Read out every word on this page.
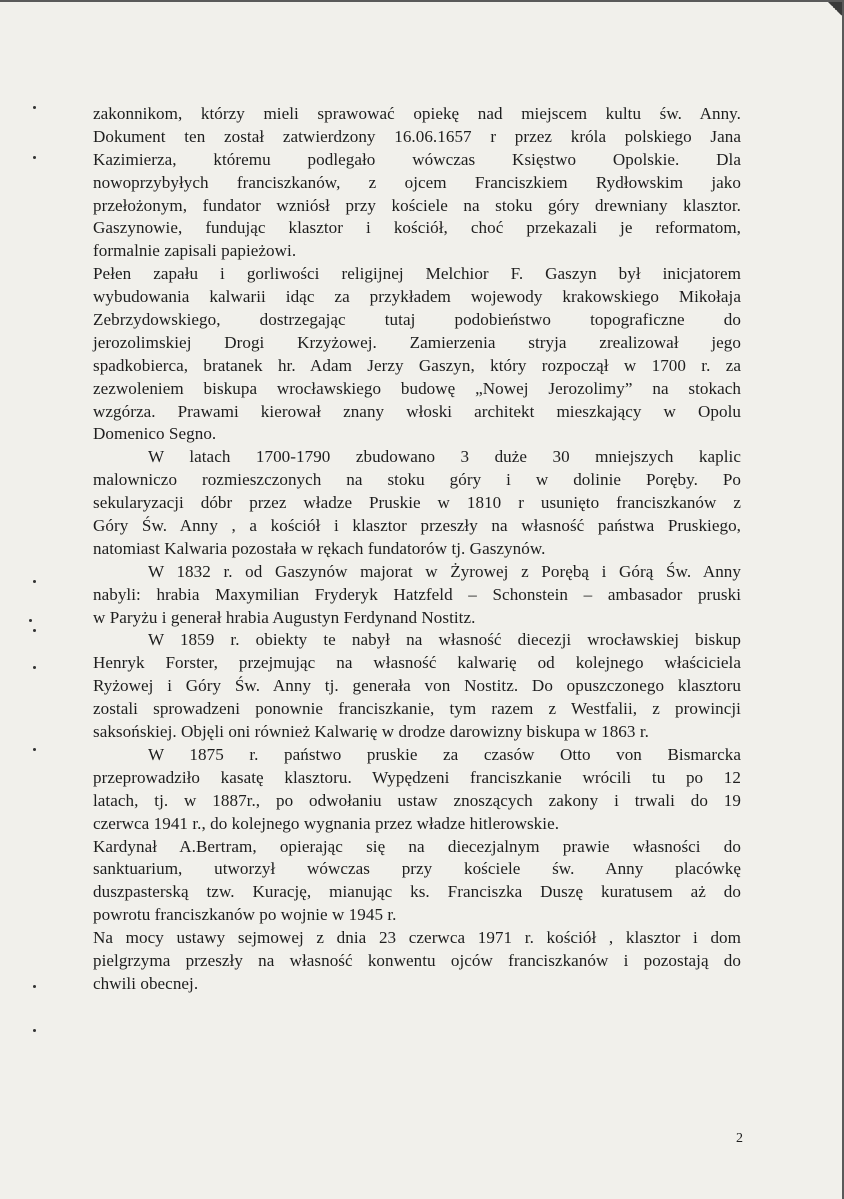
zakonnikom, którzy mieli sprawować opiekę nad miejscem kultu św. Anny.
Dokument ten został zatwierdzony 16.06.1657 r przez króla polskiego Jana
Kazimierza, któremu podlegało wówczas Księstwo Opolskie. Dla
nowoprzybyłych franciszkanów, z ojcem Franciszkiem Rydłowskim jako
przełożonym, fundator wzniósł przy kościele na stoku góry drewniany klasztor.
Gaszynowie, fundując klasztor i kościół, choć przekazali je reformatom,
formalnie zapisali papieżowi.
Pełen zapału i gorliwości religijnej Melchior F. Gaszyn był inicjatorem
wybudowania kalwarii idąc za przykładem wojewody krakowskiego Mikołaja
Zebrzydowskiego, dostrzegając tutaj podobieństwo topograficzne do
jerozolimskiej Drogi Krzyżowej. Zamierzenia stryja zrealizował jego
spadkobierca, bratanek hr. Adam Jerzy Gaszyn, który rozpoczął w 1700 r. za
zezwoleniem biskupa wrocławskiego budowę „Nowej Jerozolimy” na stokach
wzgórza. Prawami kierował znany włoski architekt mieszkający w Opolu
Domenico Segno.
W latach 1700-1790 zbudowano 3 duże 30 mniejszych kaplic
malowniczo rozmieszczonych na stoku góry i w dolinie Poręby. Po
sekularyzacji dóbr przez władze Pruskie w 1810 r usunięto franciszkanów z
Góry Św. Anny , a kościół i klasztor przeszły na własność państwa Pruskiego,
natomiast Kalwaria pozostała w rękach fundatorów tj. Gaszynów.
W 1832 r. od Gaszynów majorat w Żyrowej z Porębą i Górą Św. Anny
nabyli: hrabia Maxymilian Fryderyk Hatzfeld – Schonstein – ambasador pruski
w Paryżu i generał hrabia Augustyn Ferdynand Nostitz.
W 1859 r. obiekty te nabył na własność diecezji wrocławskiej biskup
Henryk Forster, przejmując na własność kalwarię od kolejnego właściciela
Ryżowej i Góry Św. Anny tj. generała von Nostitz. Do opuszczonego klasztoru
zostali sprowadzeni ponownie franciszkanie, tym razem z Westfalii, z prowincji
saksońskiej. Objęli oni również Kalwarię w drodze darowizny biskupa w 1863 r.
W 1875 r. państwo pruskie za czasów Otto von Bismarcka
przeprowadziło kasatę klasztoru. Wypędzeni franciszkanie wrócili tu po 12
latach, tj. w 1887r., po odwołaniu ustaw znoszących zakony i trwali do 19
czerwca 1941 r., do kolejnego wygnania przez władze hitlerowskie.
Kardynał A.Bertram, opierając się na diecezjalnym prawie własności do
sanktuarium, utworzył wówczas przy kościele św. Anny placówkę
duszpasterską tzw. Kurację, mianując ks. Franciszka Duszę kuratusem aż do
powrotu franciszkanów po wojnie w 1945 r.
Na mocy ustawy sejmowej z dnia 23 czerwca 1971 r. kościół , klasztor i dom
pielgrzyma przeszły na własność konwentu ojców franciszkanów i pozostają do
chwili obecnej.
2
